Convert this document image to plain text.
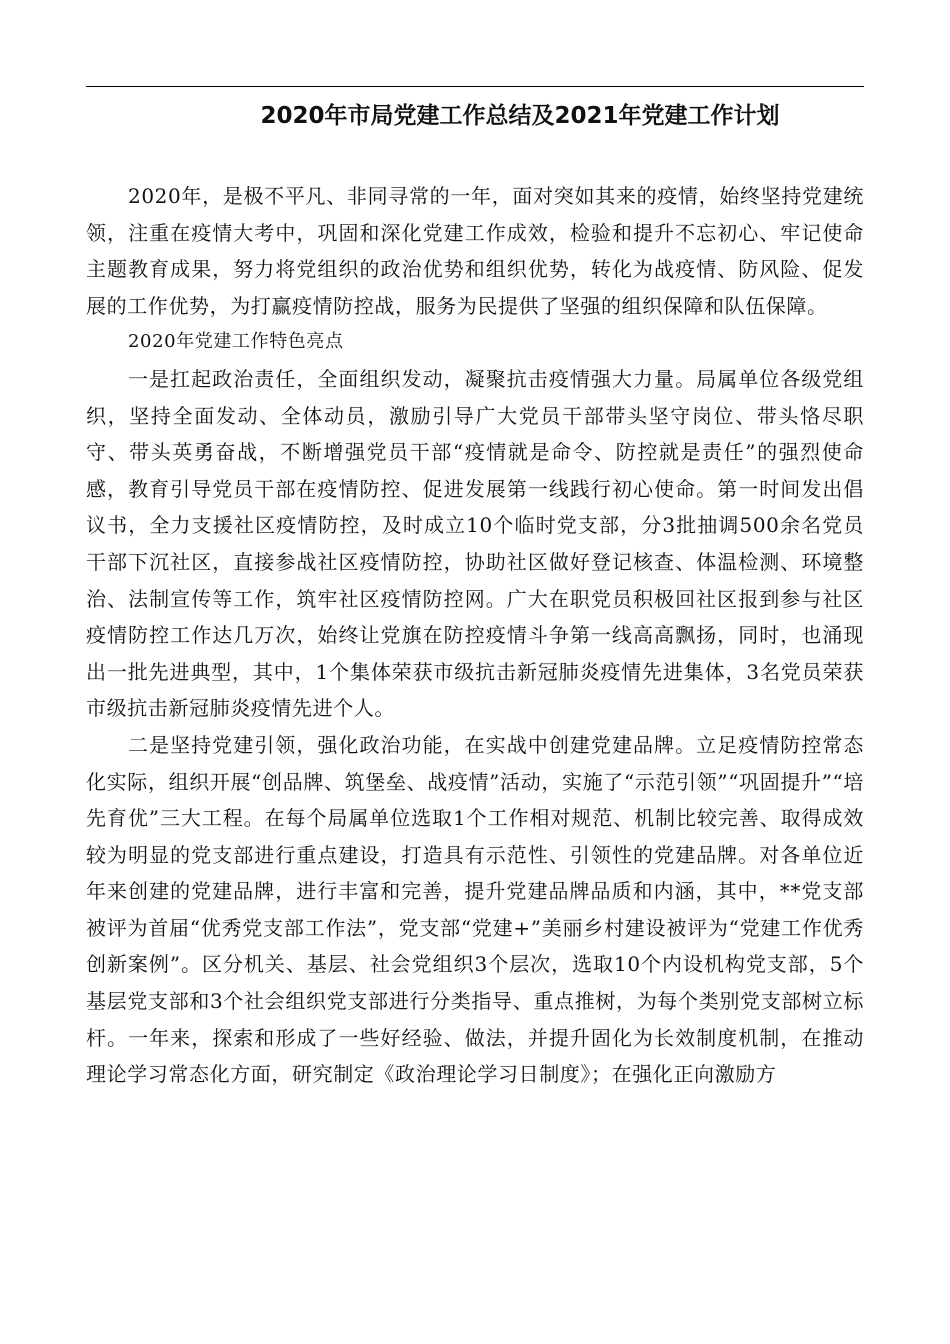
2020年市局党建工作总结及2021年党建工作计划

2020年，是极不平凡、非同寻常的一年，面对突如其来的疫情，始终坚持党建统领，注重在疫情大考中，巩固和深化党建工作成效，检验和提升不忘初心、牢记使命主题教育成果，努力将党组织的政治优势和组织优势，转化为战疫情、防风险、促发展的工作优势，为打赢疫情防控战，服务为民提供了坚强的组织保障和队伍保障。

2020年党建工作特色亮点

一是扛起政治责任，全面组织发动，凝聚抗击疫情强大力量。局属单位各级党组织，坚持全面发动、全体动员，激励引导广大党员干部带头坚守岗位、带头恪尽职守、带头英勇奋战，不断增强党员干部“疫情就是命令、防控就是责任”的强烈使命感，教育引导党员干部在疫情防控、促进发展第一线践行初心使命。第一时间发出倡议书，全力支援社区疫情防控，及时成立10个临时党支部，分3批抽调500余名党员干部下沉社区，直接参战社区疫情防控，协助社区做好登记核查、体温检测、环境整治、法制宣传等工作，筑牢社区疫情防控网。广大在职党员积极回社区报到参与社区疫情防控工作达几万次，始终让党旗在防控疫情斗争第一线高高飘扬，同时，也涌现出一批先进典型，其中，1个集体荣获市级抗击新冠肺炎疫情先进集体，3名党员荣获市级抗击新冠肺炎疫情先进个人。

二是坚持党建引领，强化政治功能，在实战中创建党建品牌。立足疫情防控常态化实际，组织开展“创品牌、筑堡垒、战疫情”活动，实施了“示范引领”“巩固提升”“培先育优”三大工程。在每个局属单位选取1个工作相对规范、机制比较完善、取得成效较为明显的党支部进行重点建设，打造具有示范性、引领性的党建品牌。对各单位近年来创建的党建品牌，进行丰富和完善，提升党建品牌品质和内涵，其中，**党支部被评为首届“优秀党支部工作法”，党支部“党建+”美丽乡村建设被评为“党建工作优秀创新案例”。区分机关、基层、社会党组织3个层次，选取10个内设机构党支部，5个基层党支部和3个社会组织党支部进行分类指导、重点推树，为每个类别党支部树立标杆。一年来，探索和形成了一些好经验、做法，并提升固化为长效制度机制，在推动理论学习常态化方面，研究制定《政治理论学习日制度》；在强化正向激励方
